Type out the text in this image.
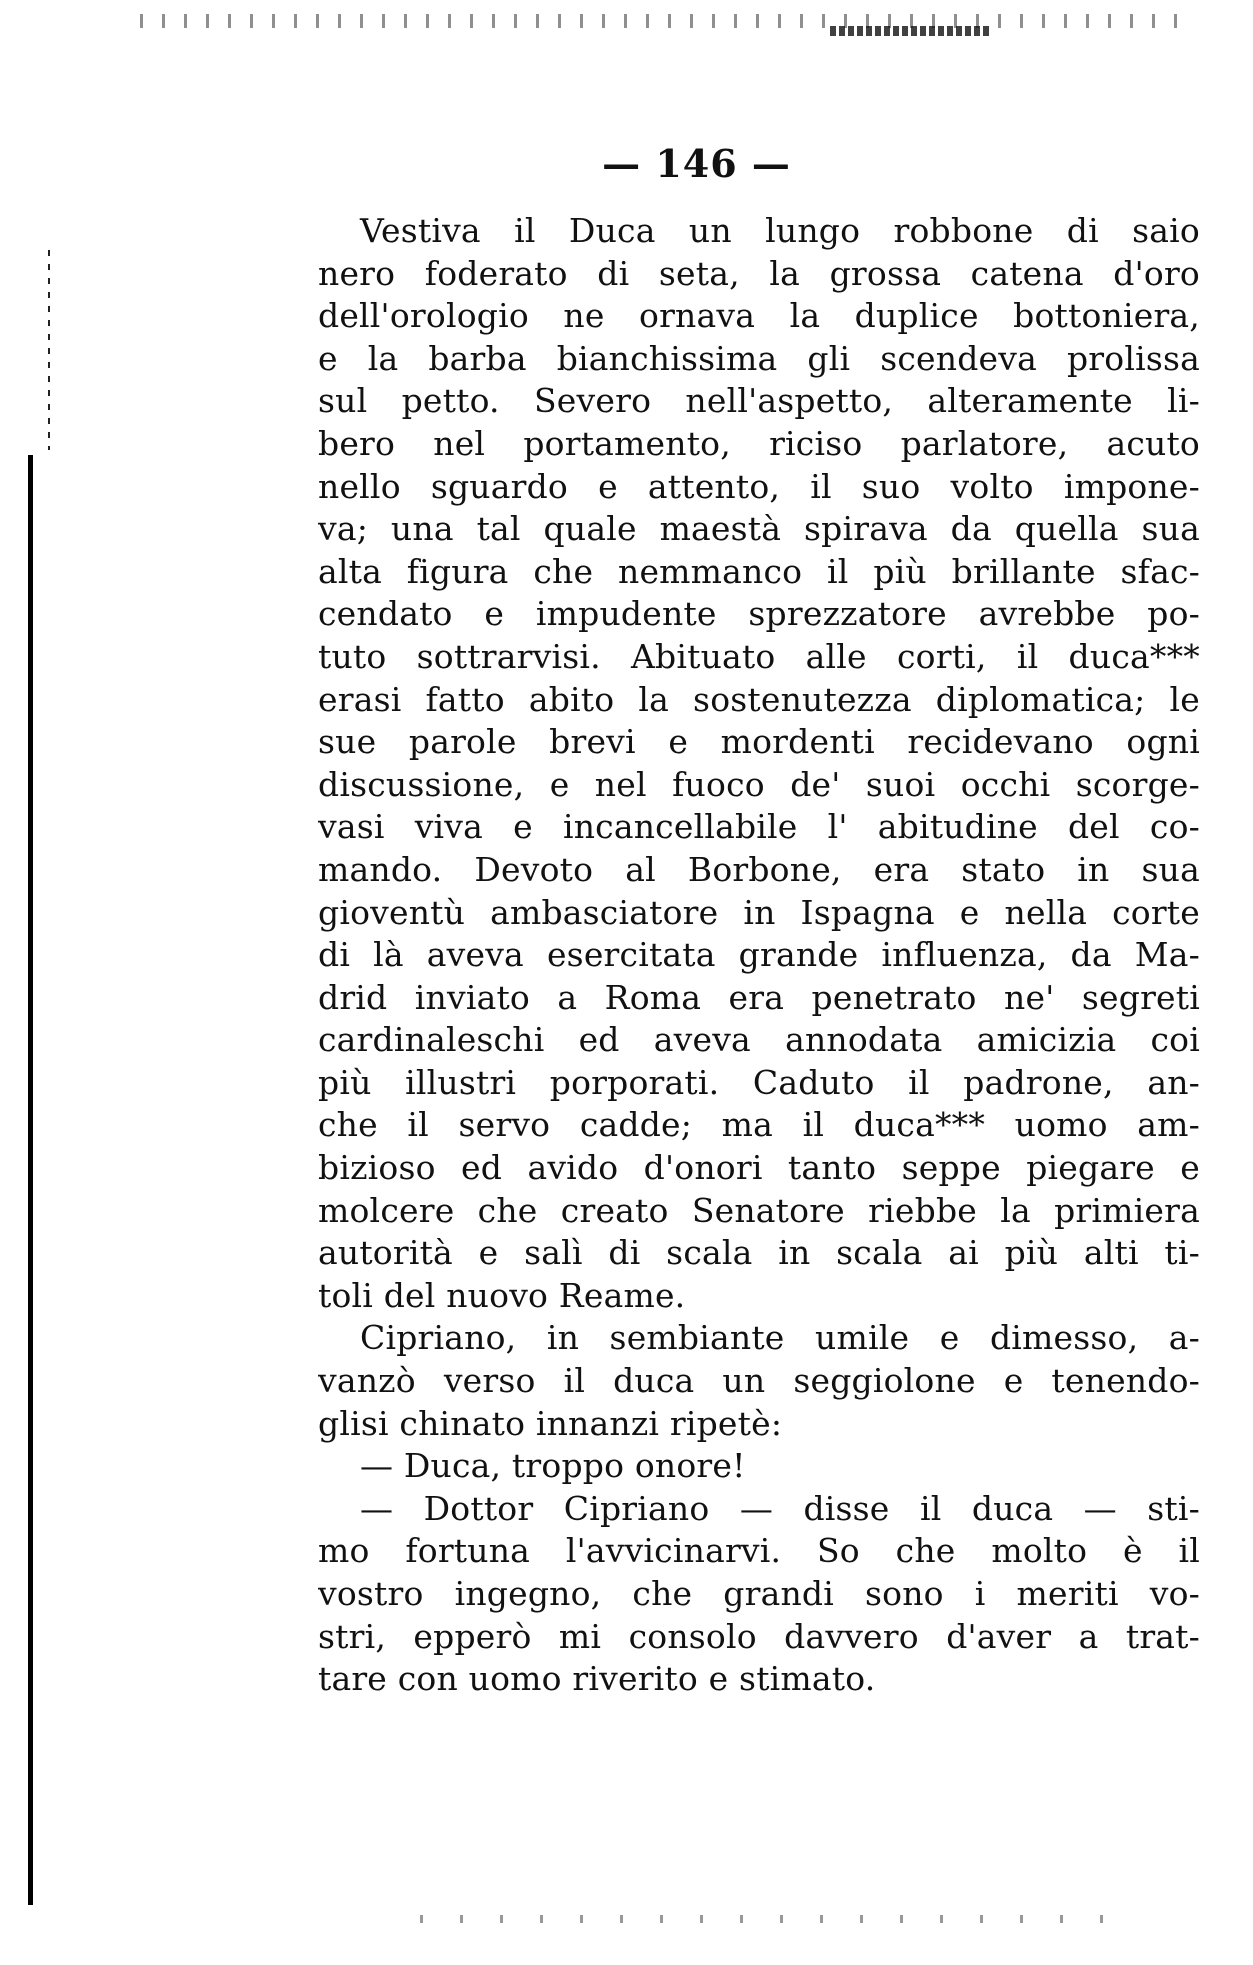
— 146 —
Vestiva il Duca un lungo robbone di saio
nero foderato di seta, la grossa catena d'oro
dell'orologio ne ornava la duplice bottoniera,
e la barba bianchissima gli scendeva prolissa
sul petto. Severo nell'aspetto, alteramente li-
bero nel portamento, riciso parlatore, acuto
nello sguardo e attento, il suo volto impone-
va; una tal quale maestà spirava da quella sua
alta figura che nemmanco il più brillante sfac-
cendato e impudente sprezzatore avrebbe po-
tuto sottrarvisi. Abituato alle corti, il duca***
erasi fatto abito la sostenutezza diplomatica; le
sue parole brevi e mordenti recidevano ogni
discussione, e nel fuoco de' suoi occhi scorge-
vasi viva e incancellabile l' abitudine del co-
mando. Devoto al Borbone, era stato in sua
gioventù ambasciatore in Ispagna e nella corte
di là aveva esercitata grande influenza, da Ma-
drid inviato a Roma era penetrato ne' segreti
cardinaleschi ed aveva annodata amicizia coi
più illustri porporati. Caduto il padrone, an-
che il servo cadde; ma il duca*** uomo am-
bizioso ed avido d'onori tanto seppe piegare e
molcere che creato Senatore riebbe la primiera
autorità e salì di scala in scala ai più alti ti-
toli del nuovo Reame.
Cipriano, in sembiante umile e dimesso, a-
vanzò verso il duca un seggiolone e tenendo-
glisi chinato innanzi ripetè:
— Duca, troppo onore!
— Dottor Cipriano — disse il duca — sti-
mo fortuna l'avvicinarvi. So che molto è il
vostro ingegno, che grandi sono i meriti vo-
stri, epperò mi consolo davvero d'aver a trat-
tare con uomo riverito e stimato.
